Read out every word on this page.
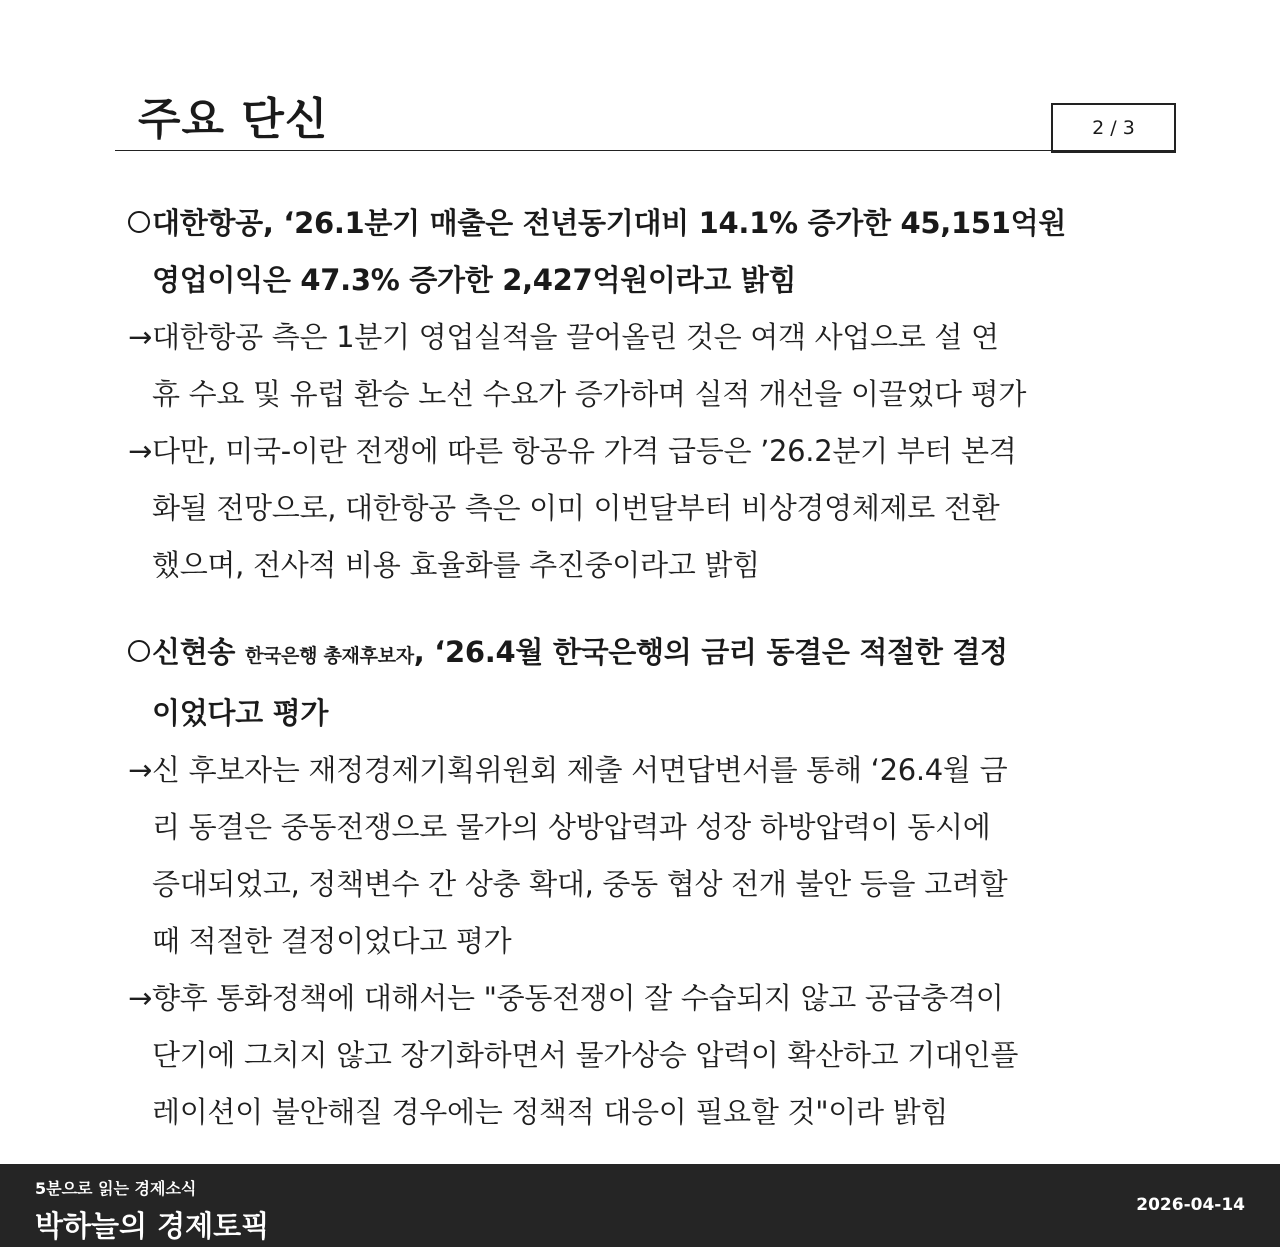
주요 단신	2 / 3
대한항공, ‘26.1분기 매출은 전년동기대비 14.1% 증가한 45,151억원
영업이익은 47.3% 증가한 2,427억원이라고 밝힘
→ 대한항공 측은 1분기 영업실적을 끌어올린 것은 여객 사업으로 설 연
휴 수요 및 유럽 환승 노선 수요가 증가하며 실적 개선을 이끌었다 평가
→ 다만, 미국-이란 전쟁에 따른 항공유 가격 급등은 ’26.2분기 부터 본격
화될 전망으로, 대한항공 측은 이미 이번달부터 비상경영체제로 전환
했으며, 전사적 비용 효율화를 추진중이라고 밝힘
신현송 한국은행 총재후보자, ‘26.4월 한국은행의 금리 동결은 적절한 결정
이었다고 평가
→ 신 후보자는 재정경제기획위원회 제출 서면답변서를 통해 ‘26.4월 금
리 동결은 중동전쟁으로 물가의 상방압력과 성장 하방압력이 동시에
증대되었고, 정책변수 간 상충 확대, 중동 협상 전개 불안 등을 고려할
때 적절한 결정이었다고 평가
→ 향후 통화정책에 대해서는 "중동전쟁이 잘 수습되지 않고 공급충격이
단기에 그치지 않고 장기화하면서 물가상승 압력이 확산하고 기대인플
레이션이 불안해질 경우에는 정책적 대응이 필요할 것"이라 밝힘
5분으로 읽는 경제소식
박하늘의 경제토픽
2026-04-14
